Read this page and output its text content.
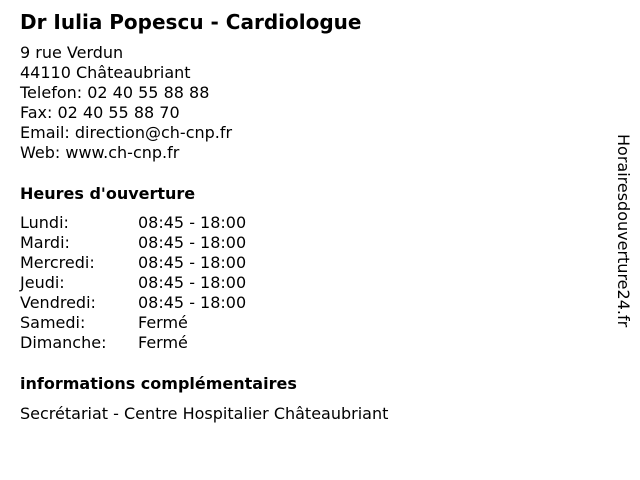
Dr Iulia Popescu - Cardiologue
9 rue Verdun
44110 Châteaubriant
Telefon: 02 40 55 88 88
Fax: 02 40 55 88 70
Email: direction@ch-cnp.fr
Web: www.ch-cnp.fr
Heures d'ouverture
Lundi:	08:45 - 18:00
Mardi:	08:45 - 18:00
Mercredi:	08:45 - 18:00
Jeudi:	08:45 - 18:00
Vendredi:	08:45 - 18:00
Samedi:	Fermé
Dimanche: Fermé
informations complémentaires
Secrétariat - Centre Hospitalier Châteaubriant
Horairesdouverture24.fr
